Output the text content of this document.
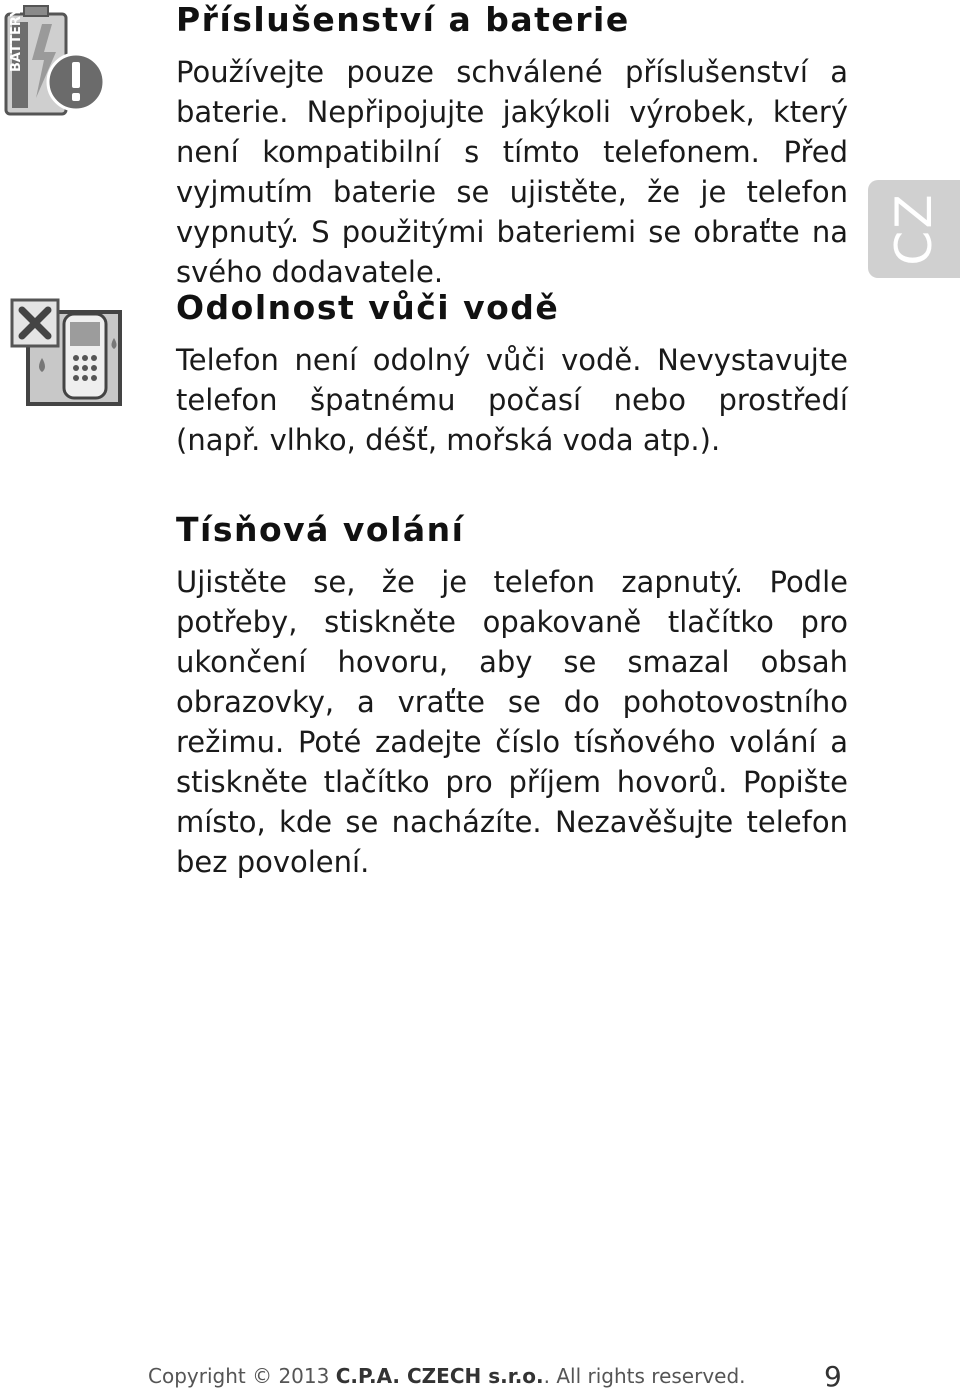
BATTERY	Příslušenství a baterie

Používejte pouze schválené příslušenství a baterie. Nepřipojujte jakýkoli výrobek, který není kompatibilní s tímto telefonem. Před vyjmutím baterie se ujistěte, že je telefon vypnutý. S použitými bateriemi se obraťte na svého dodavatele.

Odolnost vůči vodě

Telefon není odolný vůči vodě. Nevystavujte telefon špatnému počasí nebo prostředí (např. vlhko, déšť, mořská voda atp.).

Tísňová volání

Ujistěte se, že je telefon zapnutý. Podle potřeby, stiskněte opakovaně tlačítko pro ukončení hovoru, aby se smazal obsah obrazovky, a vraťte se do pohotovostního režimu. Poté zadejte číslo tísňového volání a stiskněte tlačítko pro příjem hovorů. Popište místo, kde se nacházíte. Nezavěšujte telefon bez povolení.

CZ
Copyright © 2013 C.P.A. CZECH s.r.o.. All rights reserved.	9
